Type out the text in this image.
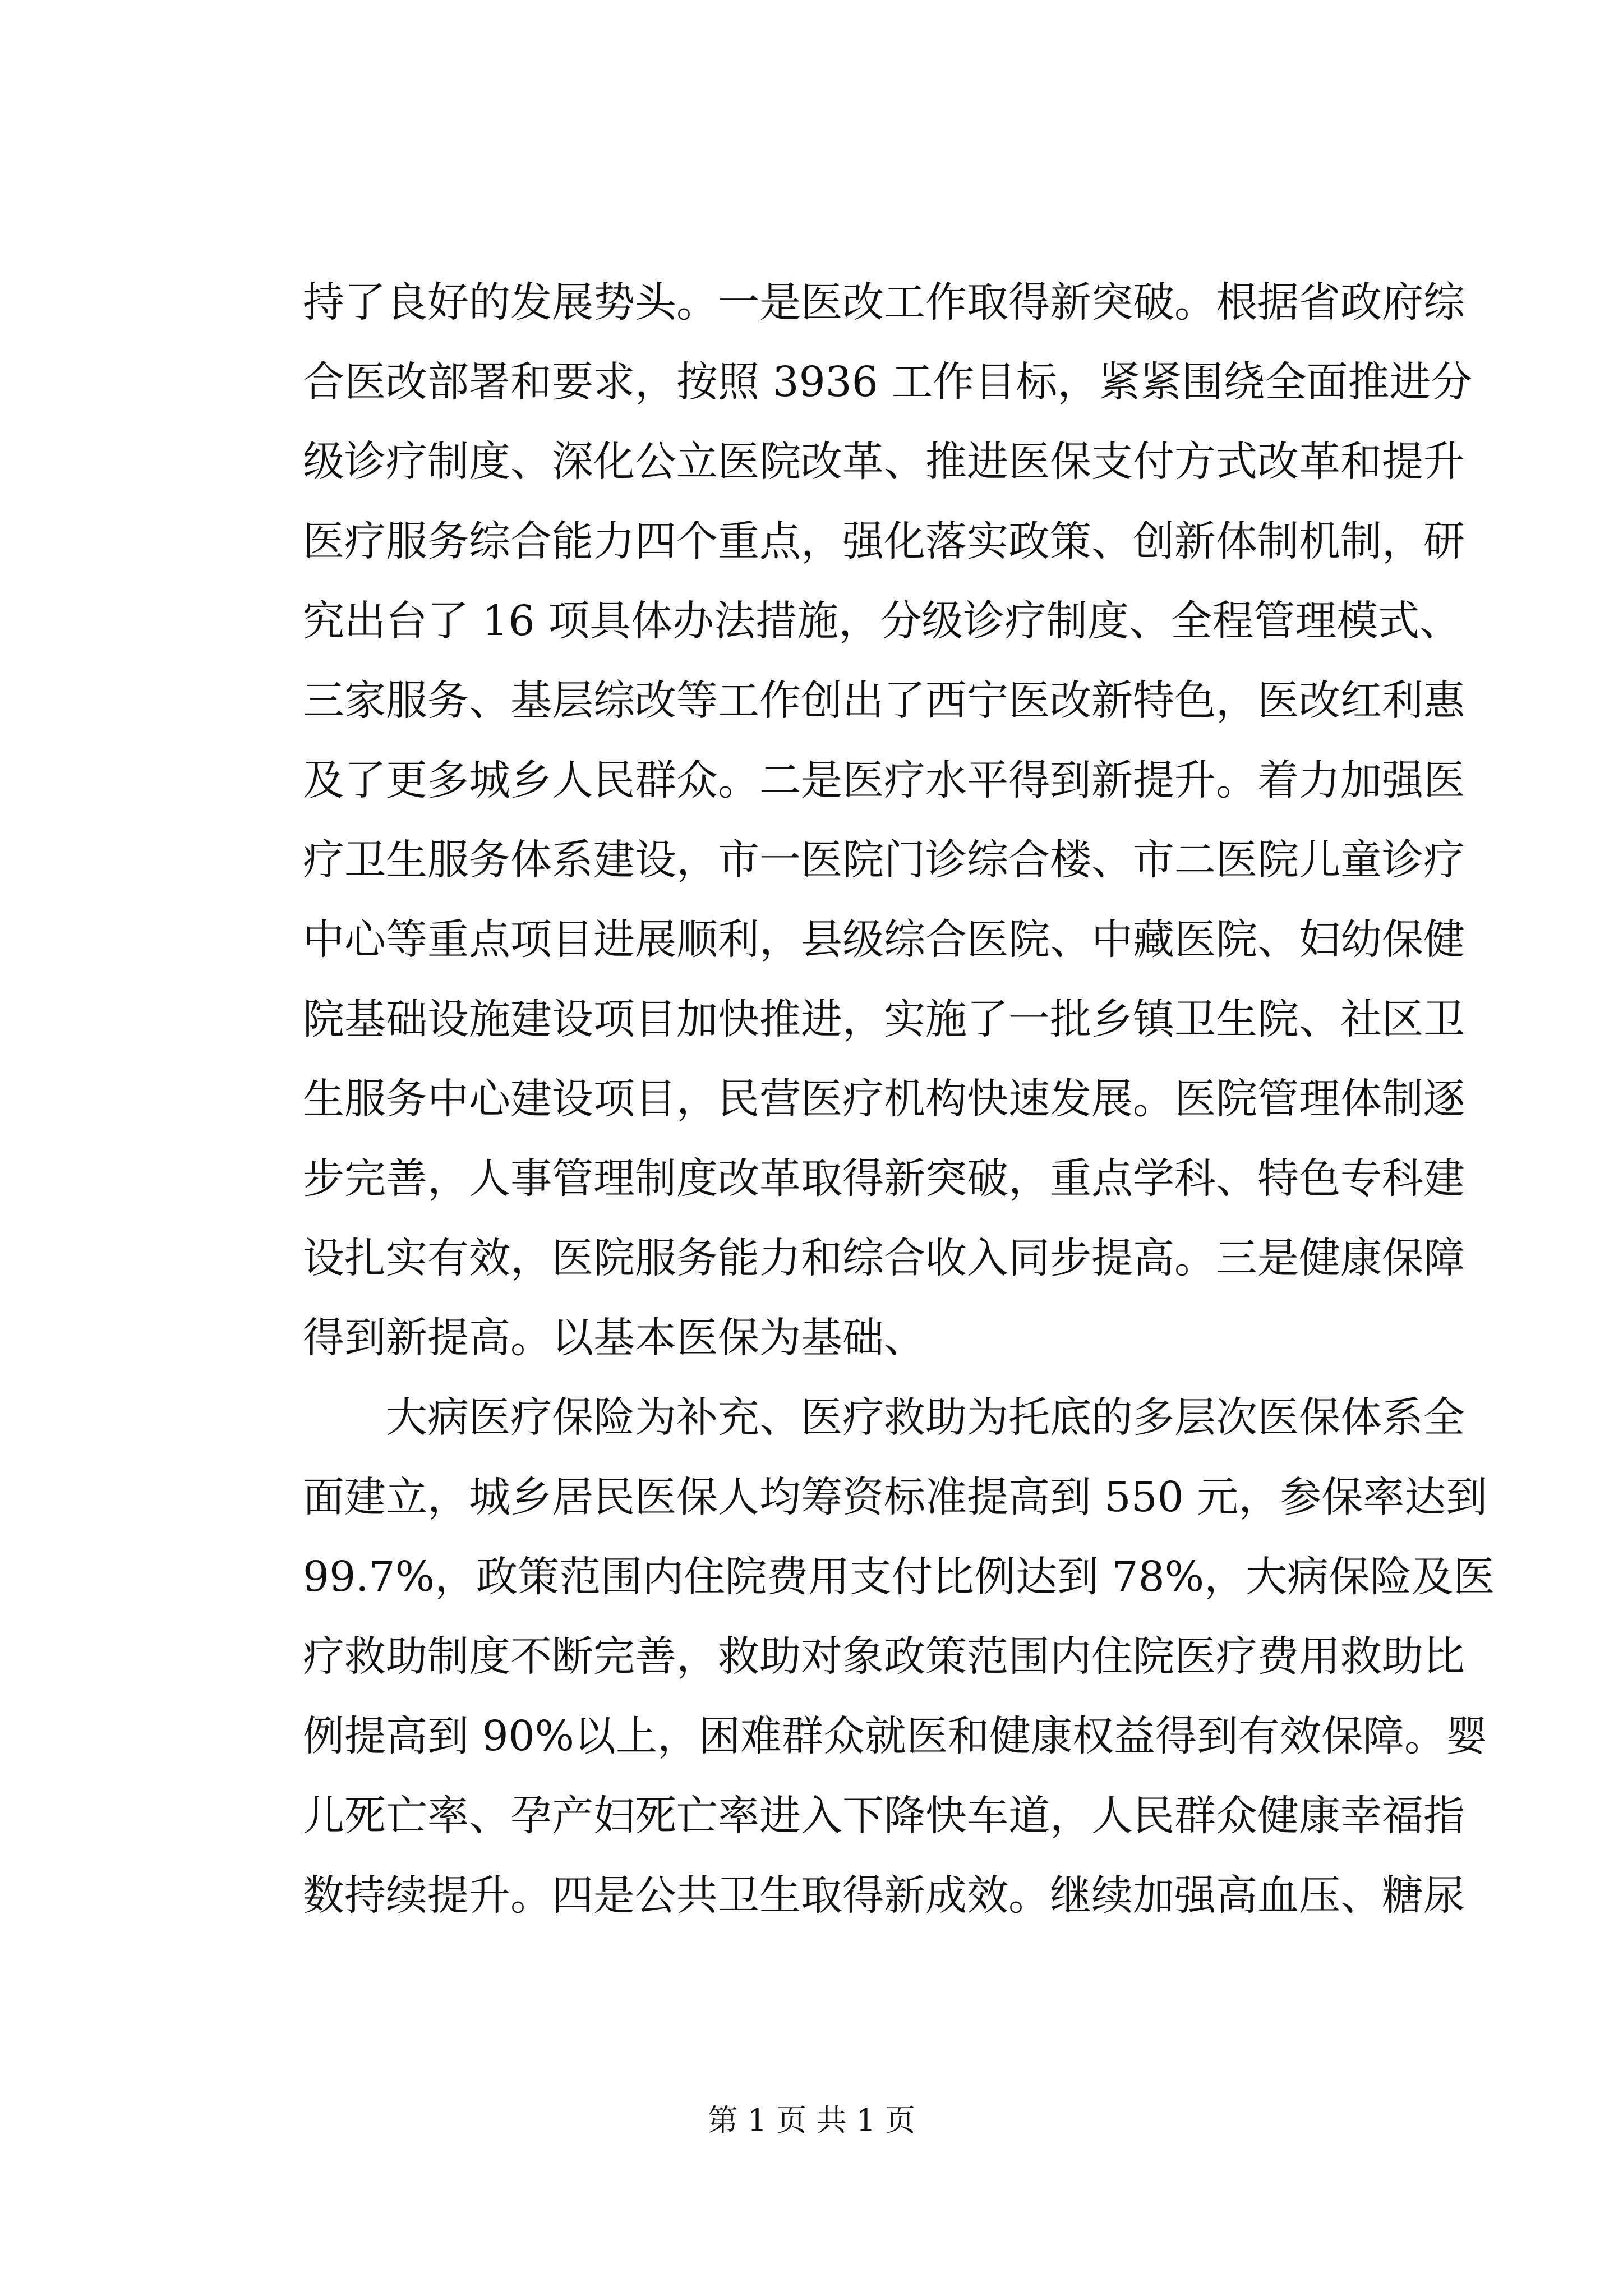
持了良好的发展势头。一是医改工作取得新突破。根据省政府综
合医改部署和要求，按照 3936 工作目标，紧紧围绕全面推进分
级诊疗制度、深化公立医院改革、推进医保支付方式改革和提升
医疗服务综合能力四个重点，强化落实政策、创新体制机制，研
究出台了 16 项具体办法措施，分级诊疗制度、全程管理模式、
三家服务、基层综改等工作创出了西宁医改新特色，医改红利惠
及了更多城乡人民群众。二是医疗水平得到新提升。着力加强医
疗卫生服务体系建设，市一医院门诊综合楼、市二医院儿童诊疗
中心等重点项目进展顺利，县级综合医院、中藏医院、妇幼保健
院基础设施建设项目加快推进，实施了一批乡镇卫生院、社区卫
生服务中心建设项目，民营医疗机构快速发展。医院管理体制逐
步完善，人事管理制度改革取得新突破，重点学科、特色专科建
设扎实有效，医院服务能力和综合收入同步提高。三是健康保障
得到新提高。以基本医保为基础、
　　大病医疗保险为补充、医疗救助为托底的多层次医保体系全
面建立，城乡居民医保人均筹资标准提高到 550 元，参保率达到
99.7%，政策范围内住院费用支付比例达到 78%，大病保险及医
疗救助制度不断完善，救助对象政策范围内住院医疗费用救助比
例提高到 90%以上，困难群众就医和健康权益得到有效保障。婴
儿死亡率、孕产妇死亡率进入下降快车道，人民群众健康幸福指
数持续提升。四是公共卫生取得新成效。继续加强高血压、糖尿
第 1 页 共 1 页
